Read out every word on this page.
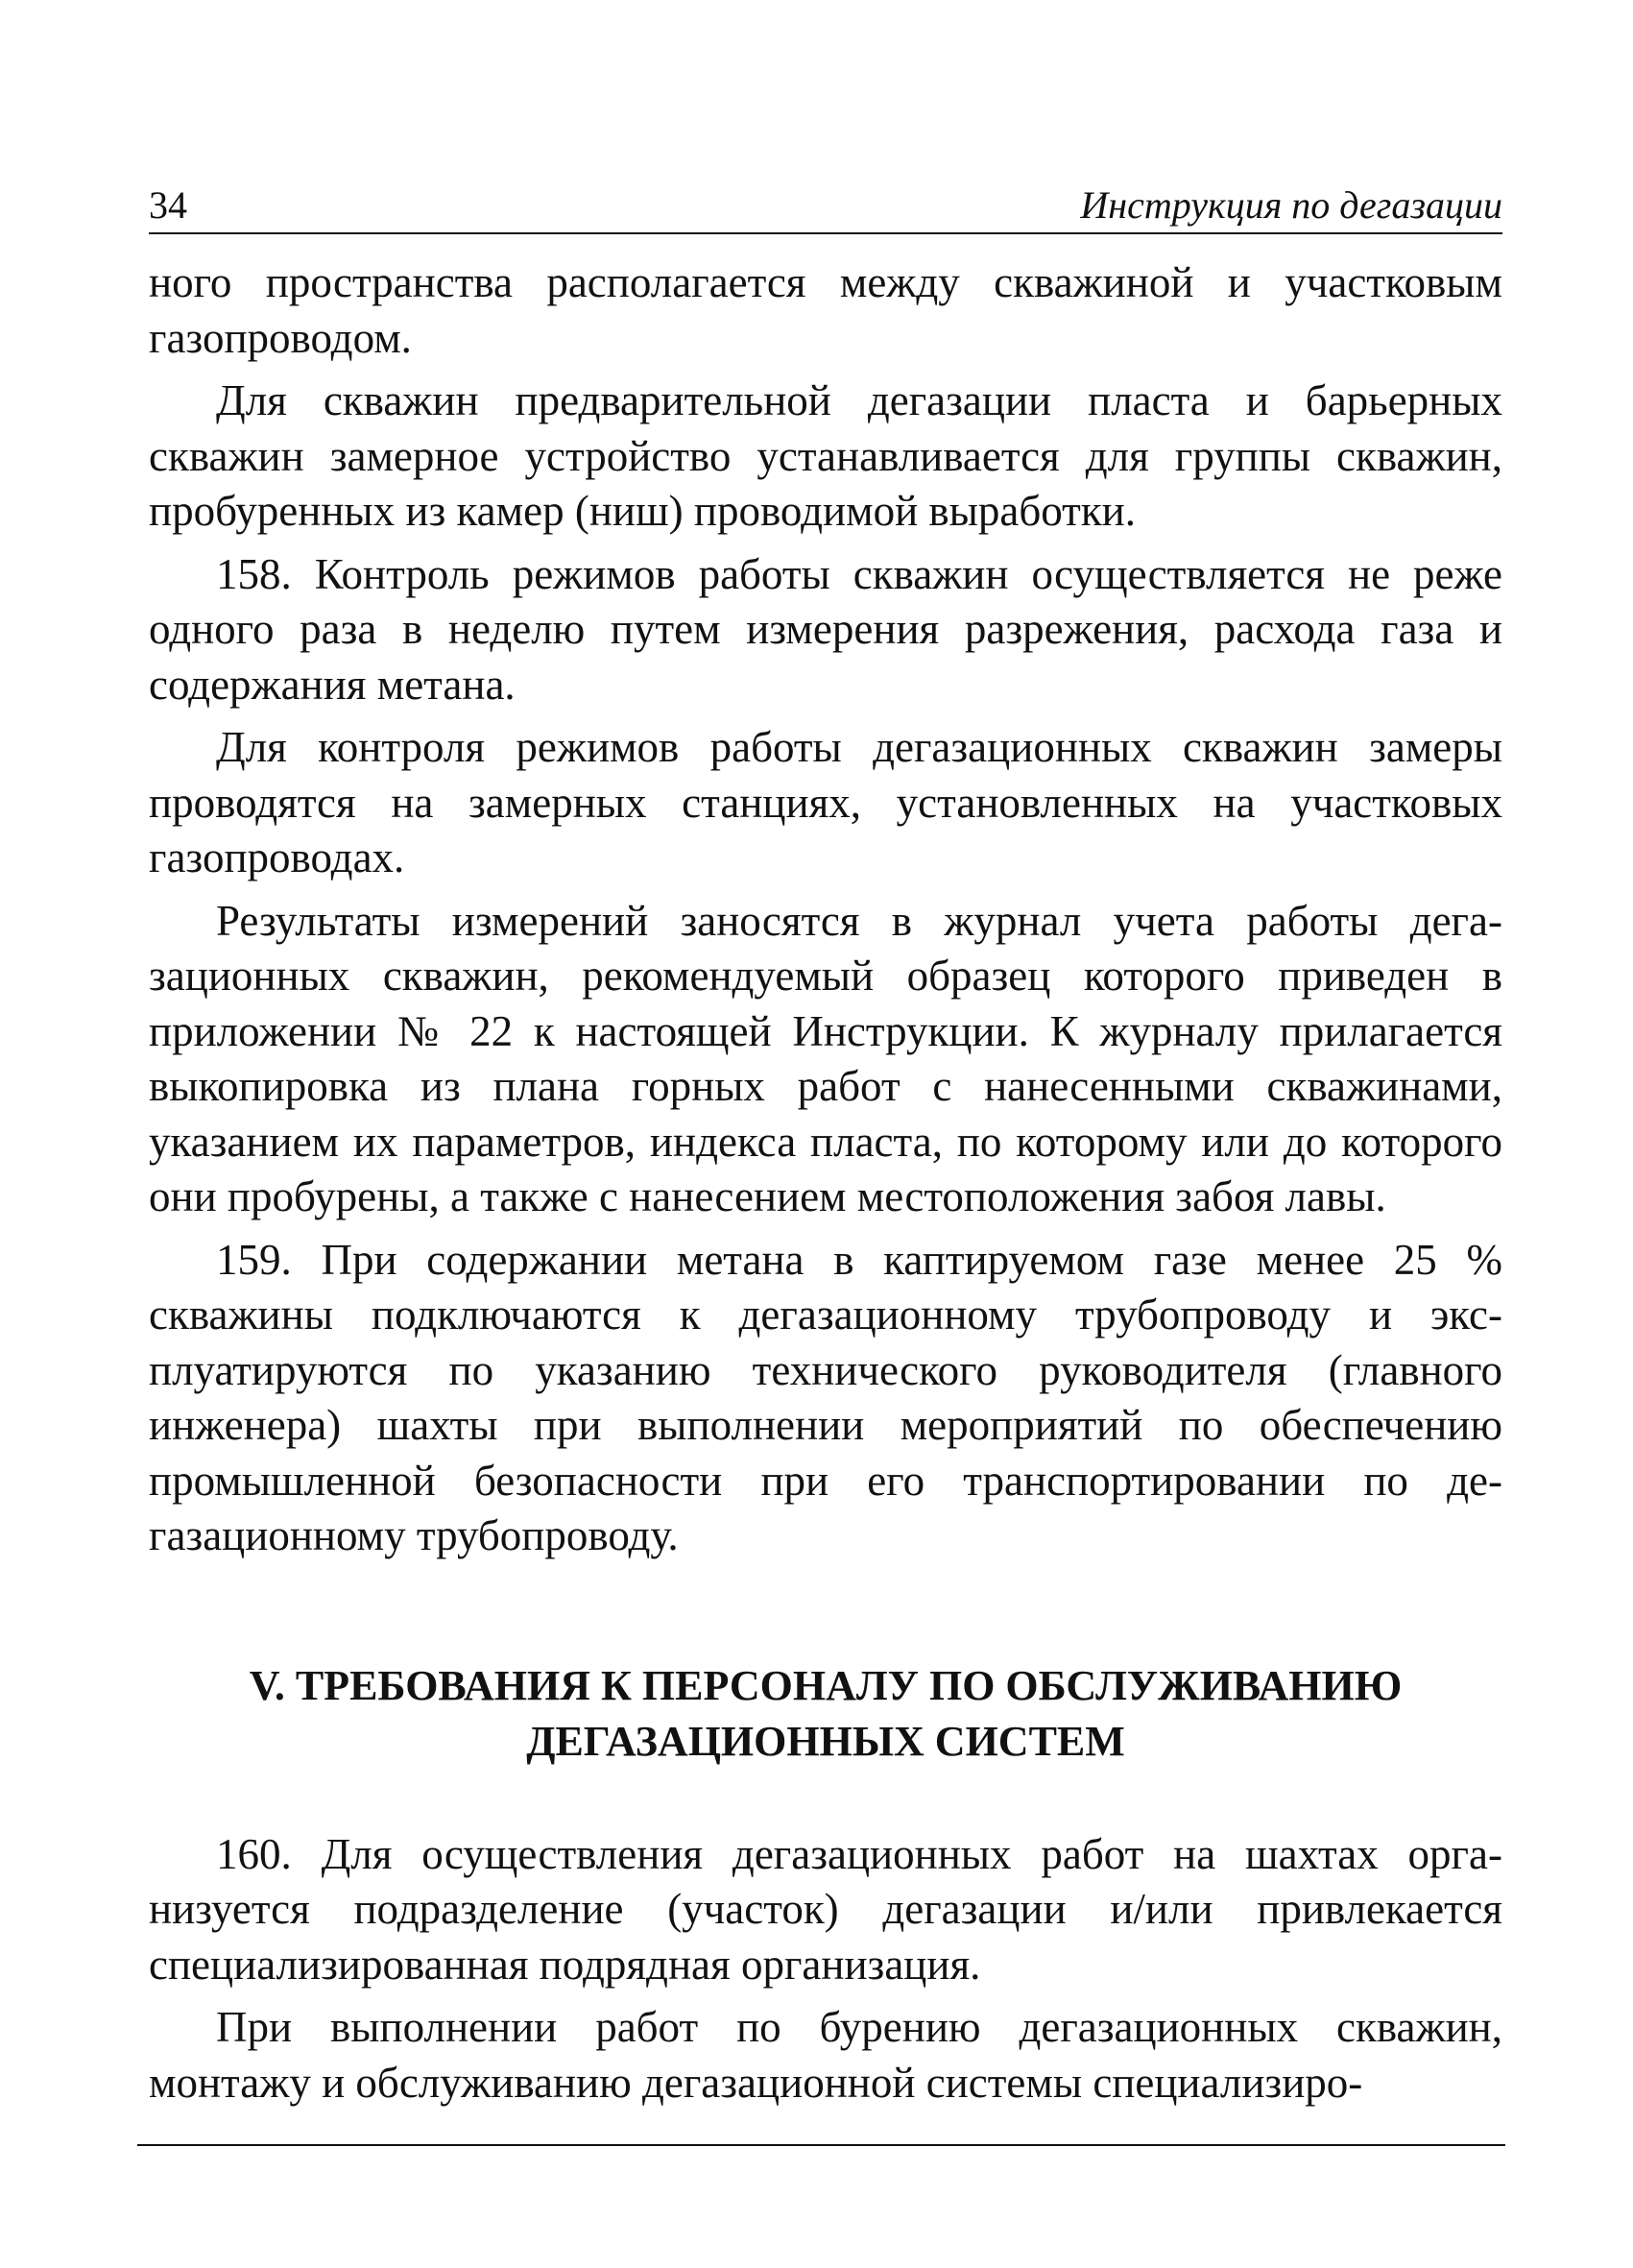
34	Инструкция по дегазации

ного пространства располагается между скважиной и участковым газопроводом.

Для скважин предварительной дегазации пласта и барьерных скважин замерное устройство устанавливается для группы скважин, пробуренных из камер (ниш) проводимой выработки.

158. Контроль режимов работы скважин осуществляется не реже одного раза в неделю путем измерения разрежения, расхода газа и содержания метана.

Для контроля режимов работы дегазационных скважин замеры проводятся на замерных станциях, установленных на участковых газопроводах.

Результаты измерений заносятся в журнал учета работы дегазационных скважин, рекомендуемый образец которого приведен в приложении № 22 к настоящей Инструкции. К журналу прилагается выкопировка из плана горных работ с нанесенными скважинами, указанием их параметров, индекса пласта, по которому или до которого они пробурены, а также с нанесением местоположения забоя лавы.

159. При содержании метана в каптируемом газе менее 25 % скважины подключаются к дегазационному трубопроводу и эксплуатируются по указанию технического руководителя (главного инженера) шахты при выполнении мероприятий по обеспечению промышленной безопасности при его транспортировании по дегазационному трубопроводу.

V. ТРЕБОВАНИЯ К ПЕРСОНАЛУ ПО ОБСЛУЖИВАНИЮ
ДЕГАЗАЦИОННЫХ СИСТЕМ

160. Для осуществления дегазационных работ на шахтах организуется подразделение (участок) дегазации и/или привлекается специализированная подрядная организация.

При выполнении работ по бурению дегазационных скважин, монтажу и обслуживанию дегазационной системы специализиро-
